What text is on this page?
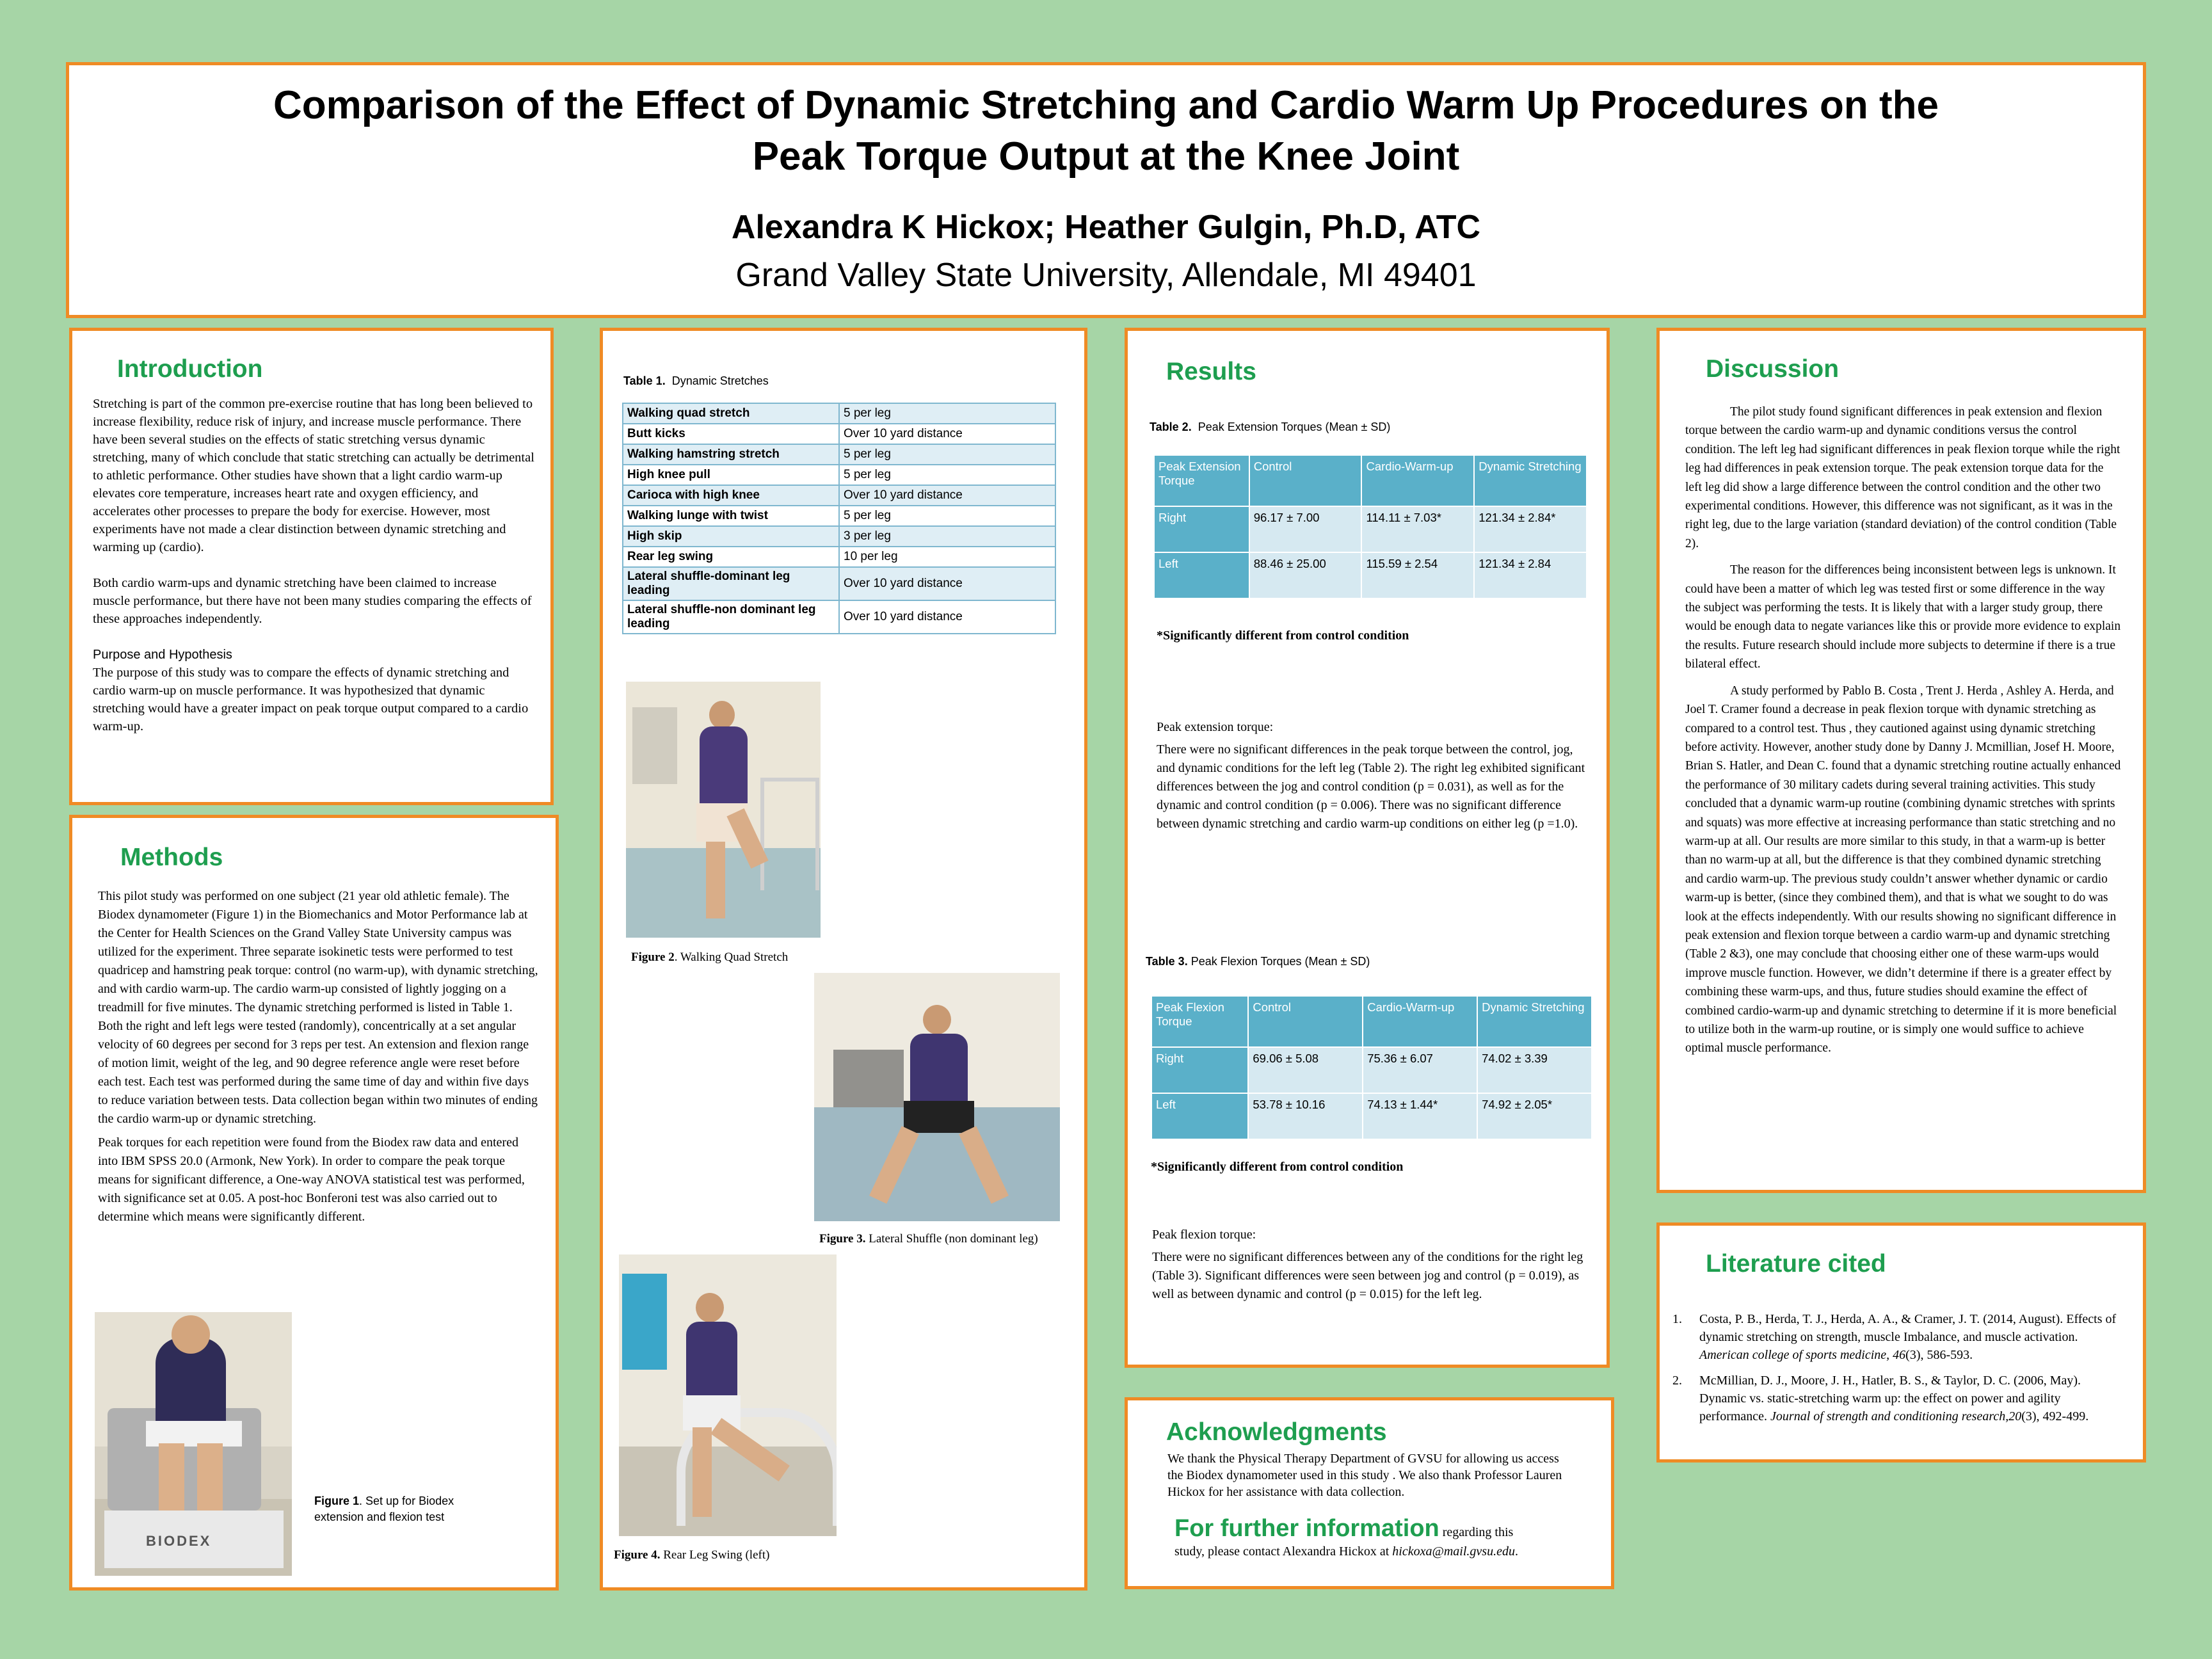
Comparison of the Effect of Dynamic Stretching and Cardio Warm Up Procedures on the
Peak Torque Output at the Knee Joint
Alexandra K Hickox; Heather Gulgin, Ph.D, ATC
Grand Valley State University, Allendale, MI 49401
Introduction

Stretching is part of the common pre-exercise routine that has long been believed to increase flexibility, reduce risk of injury, and increase muscle performance. There have been several studies on the effects of static stretching versus dynamic stretching, many of which conclude that static stretching can actually be detrimental to athletic performance. Other studies have shown that a light cardio warm-up elevates core temperature, increases heart rate and oxygen efficiency, and accelerates other processes to prepare the body for exercise. However, most experiments have not made a clear distinction between dynamic stretching and warming up (cardio).

Both cardio warm-ups and dynamic stretching have been claimed to increase muscle performance, but there have not been many studies comparing the effects of these approaches independently.

Purpose and Hypothesis

The purpose of this study was to compare the effects of dynamic stretching and cardio warm-up on muscle performance. It was hypothesized that dynamic stretching would have a greater impact on peak torque output compared to a cardio warm-up.

Methods

This pilot study was performed on one subject (21 year old athletic female). The Biodex dynamometer (Figure 1) in the Biomechanics and Motor Performance lab at the Center for Health Sciences on the Grand Valley State University campus was utilized for the experiment. Three separate isokinetic tests were performed to test quadricep and hamstring peak torque: control (no warm-up), with dynamic stretching, and with cardio warm-up. The cardio warm-up consisted of lightly jogging on a treadmill for five minutes. The dynamic stretching performed is listed in Table 1. Both the right and left legs were tested (randomly), concentrically at a set angular velocity of 60 degrees per second for 3 reps per test. An extension and flexion range of motion limit, weight of the leg, and 90 degree reference angle were reset before each test. Each test was performed during the same time of day and within five days to reduce variation between tests. Data collection began within two minutes of ending the cardio warm-up or dynamic stretching.

Peak torques for each repetition were found from the Biodex raw data and entered into IBM SPSS 20.0 (Armonk, New York). In order to compare the peak torque means for significant difference, a One-way ANOVA statistical test was performed, with significance set at 0.05. A post-hoc Bonferoni test was also carried out to determine which means were significantly different.

BIODEX
Figure 1. Set up for Biodex extension and flexion test
Table 1. Dynamic Stretches
Walking quad stretch	5 per leg
Butt kicks	Over 10 yard distance
Walking hamstring stretch	5 per leg
High knee pull	5 per leg
Carioca with high knee	Over 10 yard distance
Walking lunge with twist	5 per leg
High skip	3 per leg
Rear leg swing	10 per leg
Lateral shuffle-dominant leg leading	Over 10 yard distance
Lateral shuffle-non dominant leg leading	Over 10 yard distance
Figure 2. Walking Quad Stretch
Figure 3. Lateral Shuffle (non dominant leg)
Figure 4. Rear Leg Swing (left)
Results
Table 2. Peak Extension Torques (Mean ± SD)
Peak Extension Torque	Control	Cardio-Warm-up	Dynamic Stretching
Right	96.17 ± 7.00	114.11 ± 7.03*	121.34 ± 2.84*
Left	88.46 ± 25.00	115.59 ± 2.54	121.34 ± 2.84
*Significantly different from control condition

Peak extension torque:

There were no significant differences in the peak torque between the control, jog, and dynamic conditions for the left leg (Table 2). The right leg exhibited significant differences between the jog and control condition (p = 0.031), as well as for the dynamic and control condition (p = 0.006). There was no significant difference between dynamic stretching and cardio warm-up conditions on either leg (p =1.0).

Table 3. Peak Flexion Torques (Mean ± SD)
Peak Flexion Torque	Control	Cardio-Warm-up	Dynamic Stretching
Right	69.06 ± 5.08	75.36 ± 6.07	74.02 ± 3.39
Left	53.78 ± 10.16	74.13 ± 1.44*	74.92 ± 2.05*
*Significantly different from control condition

Peak flexion torque:

There were no significant differences between any of the conditions for the right leg (Table 3). Significant differences were seen between jog and control (p = 0.019), as well as between dynamic and control (p = 0.015) for the left leg.

Acknowledgments
We thank the Physical Therapy Department of GVSU for allowing us access the Biodex dynamometer used in this study . We also thank Professor Lauren Hickox for her assistance with data collection.
For further information regarding this
study, please contact Alexandra Hickox at hickoxa@mail.gvsu.edu.
Discussion

The pilot study found significant differences in peak extension and flexion torque between the cardio warm-up and dynamic conditions versus the control condition. The left leg had significant differences in peak flexion torque while the right leg had differences in peak extension torque. The peak extension torque data for the left leg did show a large difference between the control condition and the other two experimental conditions. However, this difference was not significant, as it was in the right leg, due to the large variation (standard deviation) of the control condition (Table 2).

The reason for the differences being inconsistent between legs is unknown. It could have been a matter of which leg was tested first or some difference in the way the subject was performing the tests. It is likely that with a larger study group, there would be enough data to negate variances like this or provide more evidence to explain the results. Future research should include more subjects to determine if there is a true bilateral effect.

A study performed by Pablo B. Costa , Trent J. Herda , Ashley A. Herda, and Joel T. Cramer found a decrease in peak flexion torque with dynamic stretching as compared to a control test. Thus , they cautioned against using dynamic stretching before activity. However, another study done by Danny J. Mcmillian, Josef H. Moore, Brian S. Hatler, and Dean C. found that a dynamic stretching routine actually enhanced the performance of 30 military cadets during several training activities. This study concluded that a dynamic warm-up routine (combining dynamic stretches with sprints and squats) was more effective at increasing performance than static stretching and no warm-up at all. Our results are more similar to this study, in that a warm-up is better than no warm-up at all, but the difference is that they combined dynamic stretching and cardio warm-up. The previous study couldn’t answer whether dynamic or cardio warm-up is better, (since they combined them), and that is what we sought to do was look at the effects independently. With our results showing no significant difference in peak extension and flexion torque between a cardio warm-up and dynamic stretching (Table 2 &3), one may conclude that choosing either one of these warm-ups would improve muscle function. However, we didn’t determine if there is a greater effect by combining these warm-ups, and thus, future studies should examine the effect of combined cardio-warm-up and dynamic stretching to determine if it is more beneficial to utilize both in the warm-up routine, or is simply one would suffice to achieve optimal muscle performance.

Literature cited
1. Costa, P. B., Herda, T. J., Herda, A. A., & Cramer, J. T. (2014, August). Effects of dynamic stretching on strength, muscle Imbalance, and muscle activation. American college of sports medicine, 46(3), 586-593.
2. McMillian, D. J., Moore, J. H., Hatler, B. S., & Taylor, D. C. (2006, May). Dynamic vs. static-stretching warm up: the effect on power and agility performance. Journal of strength and conditioning research,20(3), 492-499.
